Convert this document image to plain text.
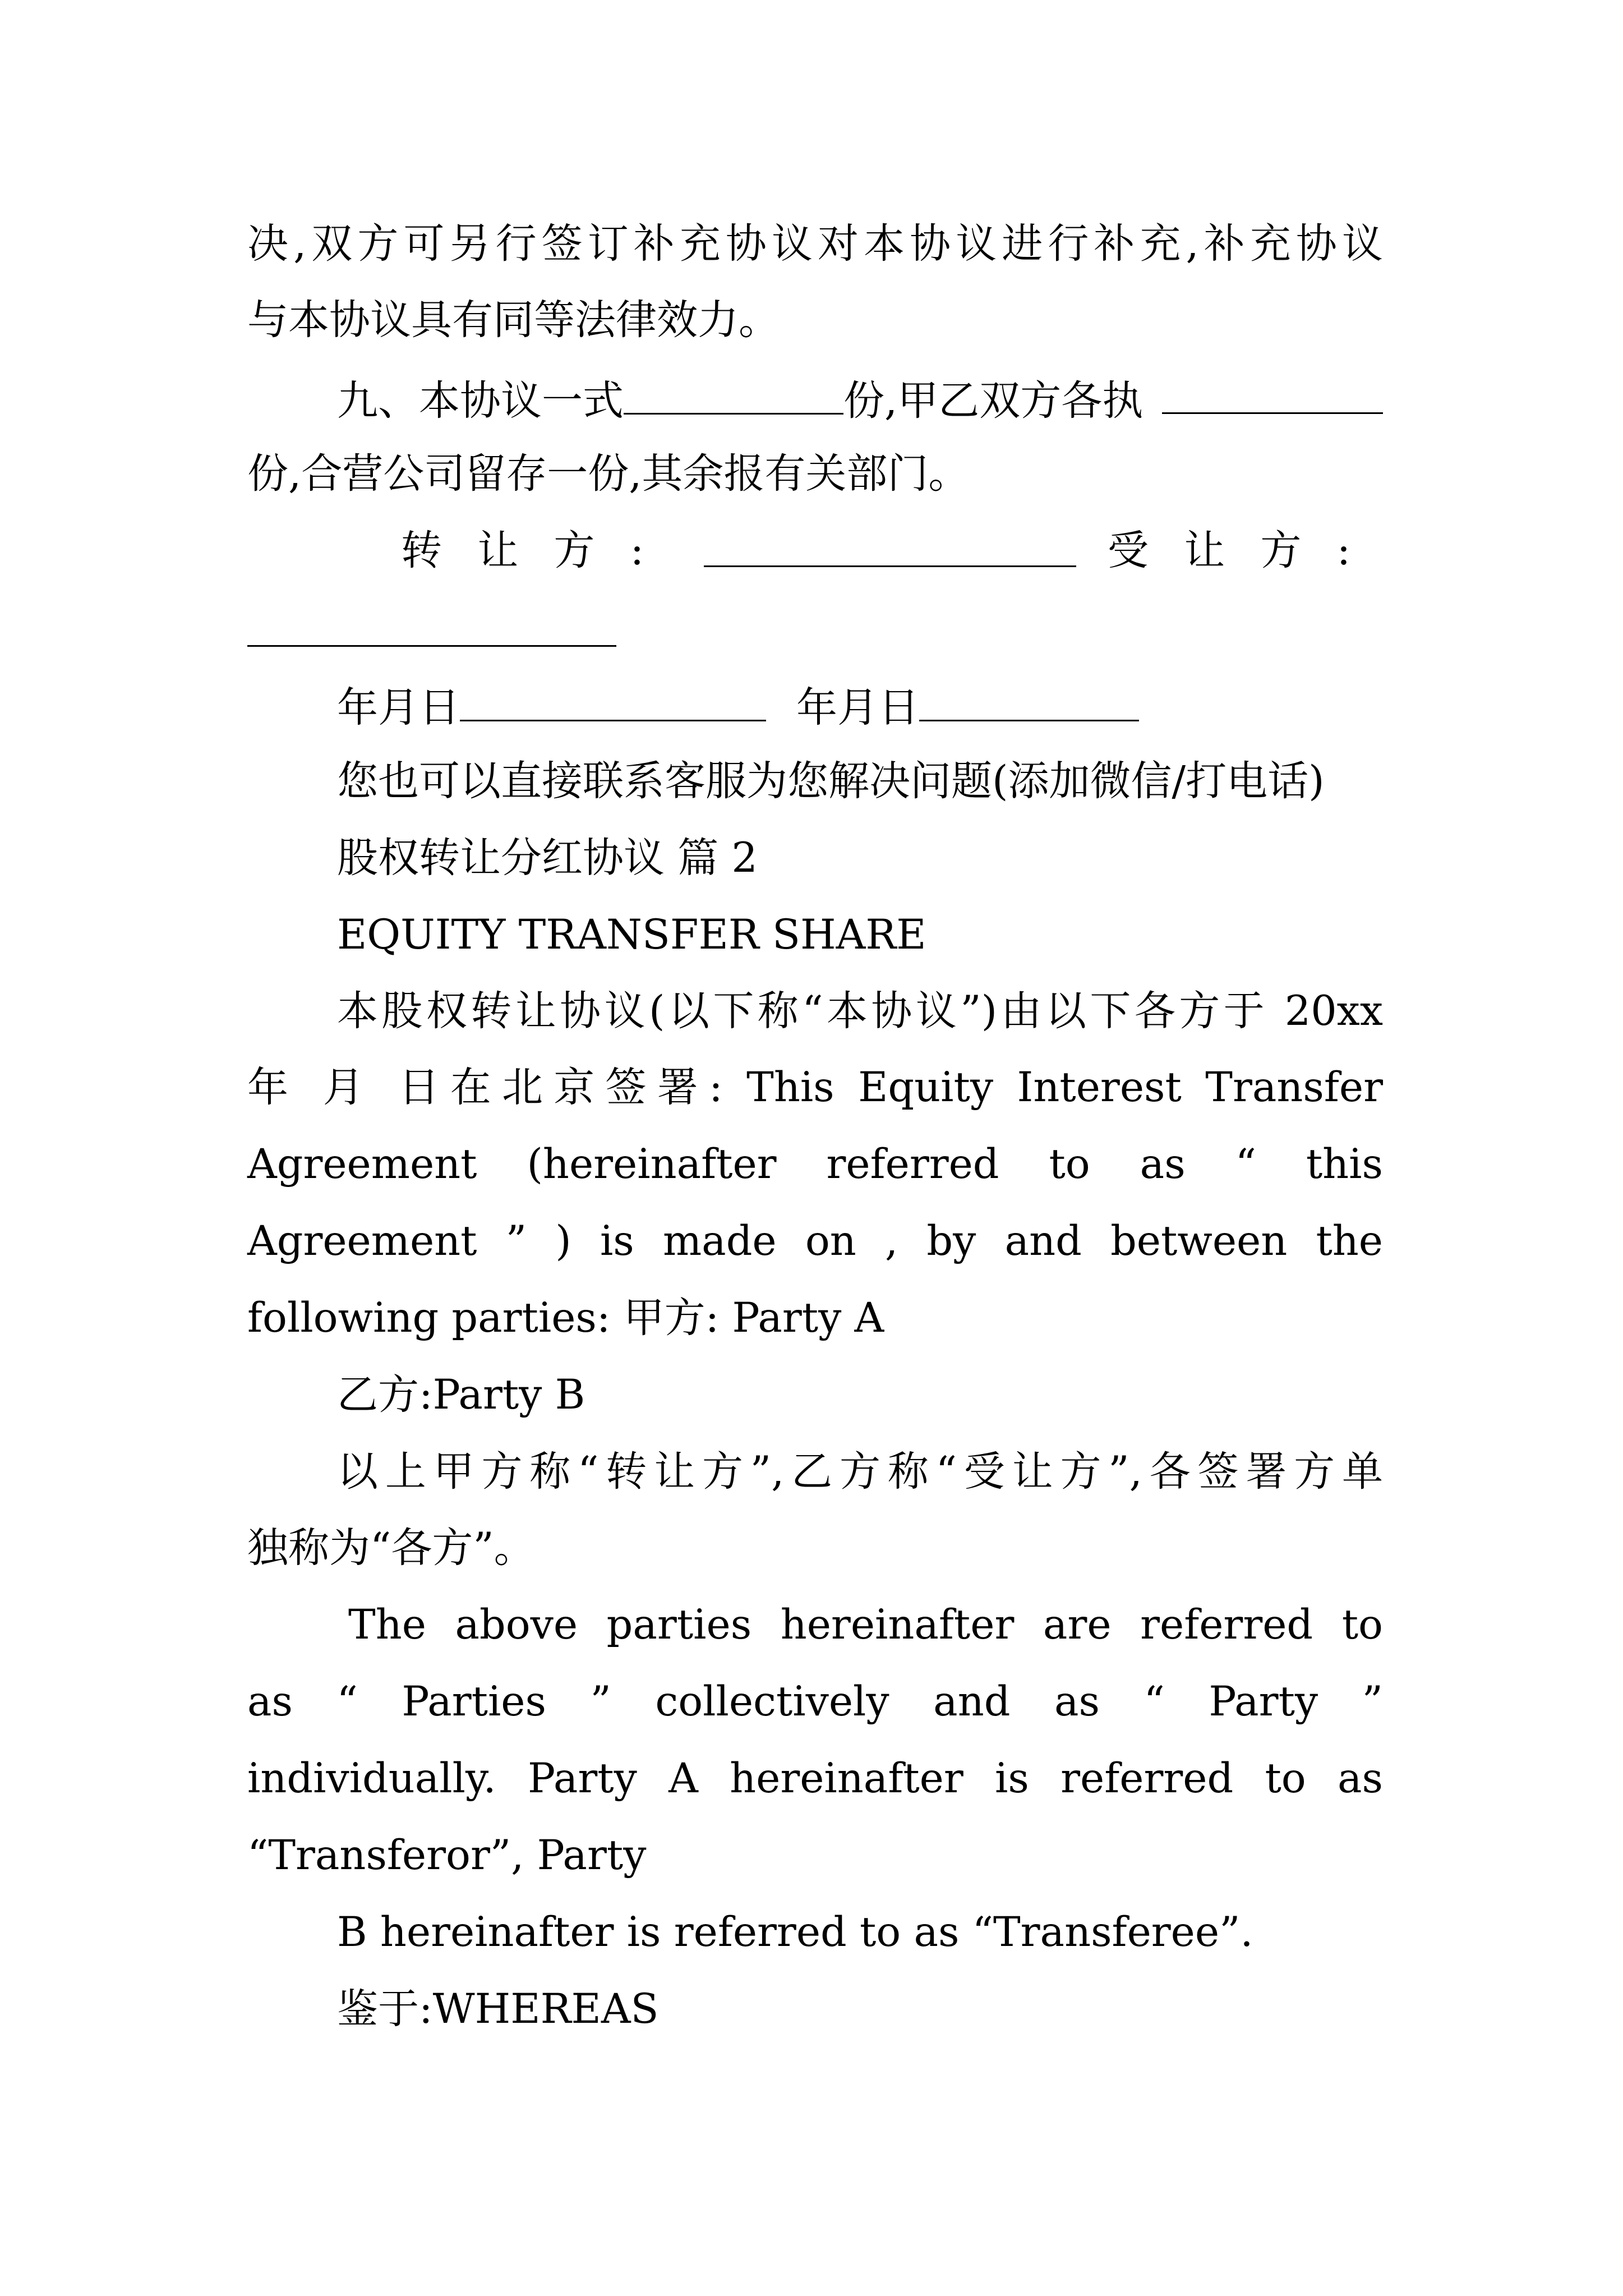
决,双方可另行签订补充协议对本协议进行补充,补充协议
与本协议具有同等法律效力。
九、本协议一式	份,甲乙双方各执
份,合营公司留存一份,其余报有关部门。
转 让 方 :	受 让 方 :
年月日	年月日
您也可以直接联系客服为您解决问题(添加微信/打电话)
股权转让分红协议 篇 2
EQUITY TRANSFER SHARE
本股权转让协议(以下称“本协议”)由以下各方于 20xx
年 月 日在北京签署: This Equity Interest Transfer
Agreement (hereinafter referred to as “ this
Agreement ” ) is made on , by and between the
following parties: 甲方: Party A
乙方:Party B
以上甲方称“转让方”,乙方称“受让方”,各签署方单
独称为“各方”。
The above parties hereinafter are referred to
as “ Parties ” collectively and as “ Party ”
individually. Party A hereinafter is referred to as
“Transferor”, Party
B hereinafter is referred to as “Transferee”.
鉴于:WHEREAS
